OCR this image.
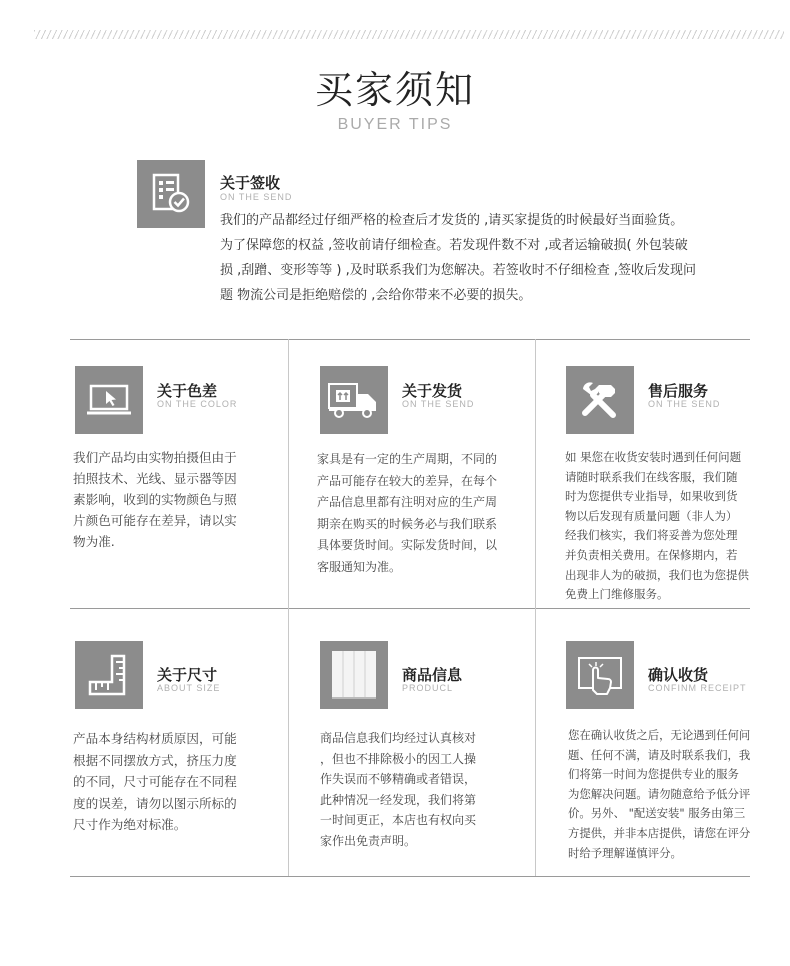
买家须知
BUYER TIPS
关于签收
ON THE SEND
我们的产品都经过仔细严格的检查后才发货的 ,请买家提货的时候最好当面验货。
为了保障您的权益 ,签收前请仔细检查。若发现件数不对 ,或者运输破损( 外包装破
损 ,刮蹭、变形等等 ) ,及时联系我们为您解决。若签收时不仔细检查 ,签收后发现问
题 物流公司是拒绝赔偿的 ,会给你带来不必要的损失。
关于色差
ON THE COLOR
我们产品均由实物拍摄但由于
拍照技术、光线、显示器等因
素影响，收到的实物颜色与照
片颜色可能存在差异，请以实
物为准.
关于发货
ON THE SEND
家具是有一定的生产周期，不同的
产品可能存在较大的差异，在每个
产品信息里都有注明对应的生产周
期亲在购买的时候务必与我们联系
具体要货时间。实际发货时间，以
客服通知为准。
售后服务
ON THE SEND
如 果您在收货安装时遇到任何问题
请随时联系我们在线客服，我们随
时为您提供专业指导，如果收到货
物以后发现有质量问题（非人为）
经我们核实，我们将妥善为您处理
并负责相关费用。在保修期内，若
出现非人为的破损，我们也为您提供
免费上门维修服务。
关于尺寸
ABOUT SIZE
产品本身结构材质原因，可能
根据不同摆放方式，挤压力度
的不同，尺寸可能存在不同程
度的误差，请勿以图示所标的
尺寸作为绝对标准。
商品信息
PRODUCL
商品信息我们均经过认真核对
，但也不排除极小的因工人操
作失误而不够精确或者错误，
此种情况一经发现，我们将第
一时间更正，本店也有权向买
家作出免责声明。
确认收货
CONFINM RECEIPT
您在确认收货之后，无论遇到任何问
题、任何不满，请及时联系我们，我
们将第一时间为您提供专业的服务
为您解决问题。请勿随意给予低分评
价。另外、 "配送安装" 服务由第三
方提供，并非本店提供，请您在评分
时给予理解谨慎评分。
